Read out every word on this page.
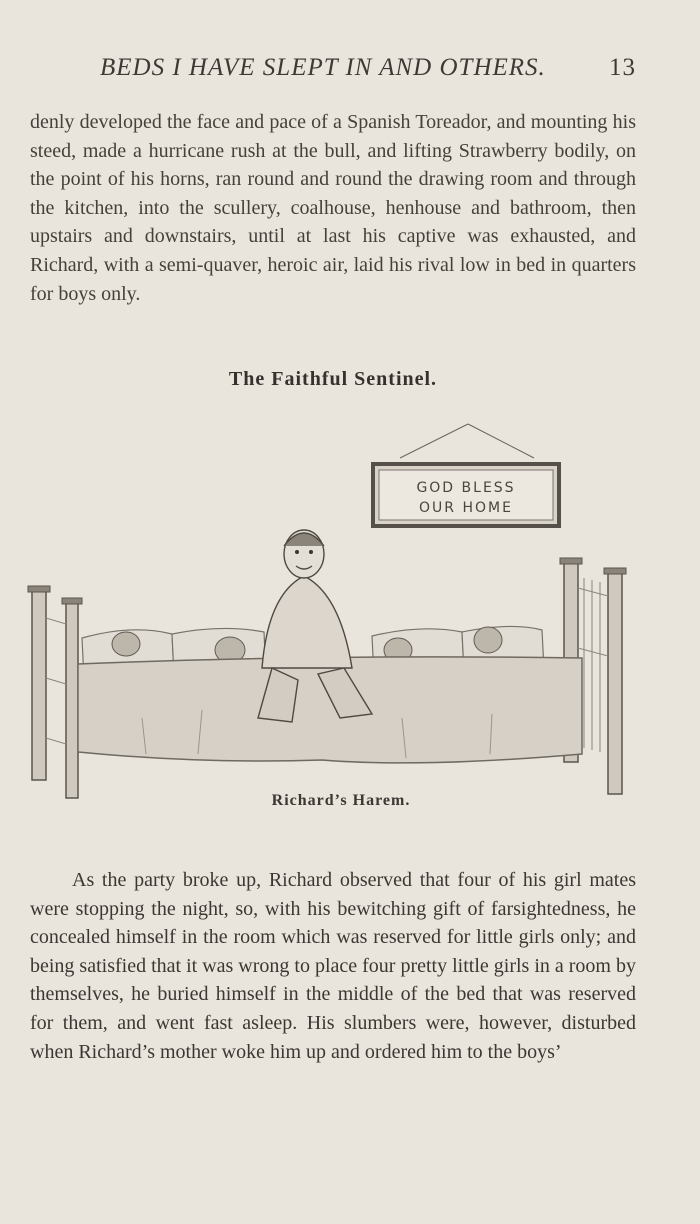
BEDS I HAVE SLEPT IN AND OTHERS.	13

denly developed the face and pace of a Spanish Toreador, and mounting his steed, made a hurricane rush at the bull, and lifting Strawberry bodily, on the point of his horns, ran round and round the drawing room and through the kitchen, into the scullery, coalhouse, henhouse and bathroom, then upstairs and downstairs, until at last his captive was exhausted, and Richard, with a semi-quaver, heroic air, laid his rival low in bed in quarters for boys only.

The Faithful Sentinel.
GOD BLESS
OUR HOME
Richard’s Harem.

As the party broke up, Richard observed that four of his girl mates were stopping the night, so, with his bewitching gift of farsightedness, he concealed himself in the room which was reserved for little girls only; and being satisfied that it was wrong to place four pretty little girls in a room by themselves, he buried himself in the middle of the bed that was reserved for them, and went fast asleep. His slumbers were, however, disturbed when Richard’s mother woke him up and ordered him to the boys’
